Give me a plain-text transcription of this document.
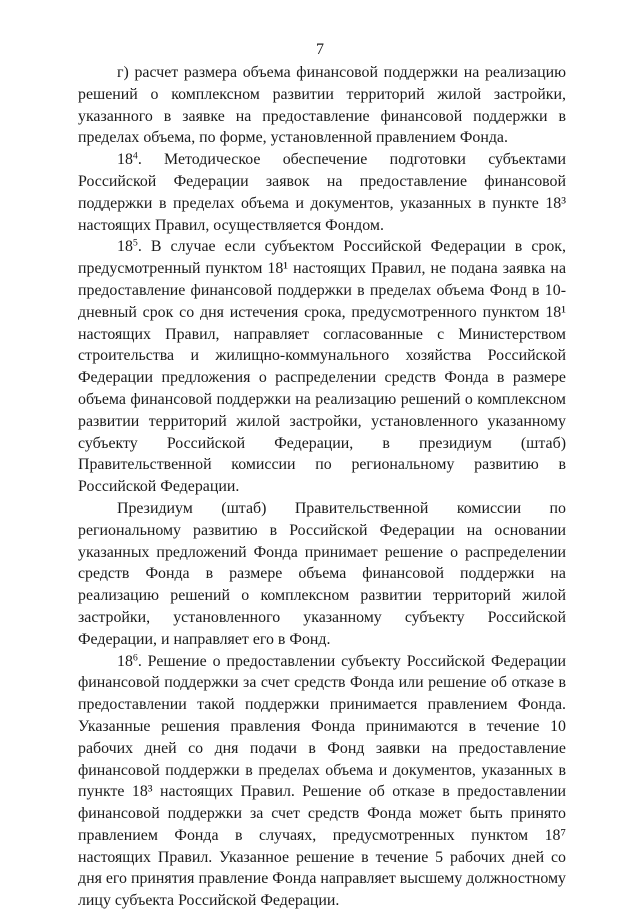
7

г) расчет размера объема финансовой поддержки на реализацию решений о комплексном развитии территорий жилой застройки, указанного в заявке на предоставление финансовой поддержки в пределах объема, по форме, установленной правлением Фонда.

$18^4$. Методическое обеспечение подготовки субъектами Российской Федерации заявок на предоставление финансовой поддержки в пределах объема и документов, указанных в пункте 18³ настоящих Правил, осуществляется Фондом.

$18^5$. В случае если субъектом Российской Федерации в срок, предусмотренный пунктом 18¹ настоящих Правил, не подана заявка на предоставление финансовой поддержки в пределах объема Фонд в 10-дневный срок со дня истечения срока, предусмотренного пунктом 18¹ настоящих Правил, направляет согласованные с Министерством строительства и жилищно-коммунального хозяйства Российской Федерации предложения о распределении средств Фонда в размере объема финансовой поддержки на реализацию решений о комплексном развитии территорий жилой застройки, установленного указанному субъекту Российской Федерации, в президиум (штаб) Правительственной комиссии по региональному развитию в Российской Федерации.

Президиум (штаб) Правительственной комиссии по региональному развитию в Российской Федерации на основании указанных предложений Фонда принимает решение о распределении средств Фонда в размере объема финансовой поддержки на реализацию решений о комплексном развитии территорий жилой застройки, установленного указанному субъекту Российской Федерации, и направляет его в Фонд.

$18^6$. Решение о предоставлении субъекту Российской Федерации финансовой поддержки за счет средств Фонда или решение об отказе в предоставлении такой поддержки принимается правлением Фонда. Указанные решения правления Фонда принимаются в течение 10 рабочих дней со дня подачи в Фонд заявки на предоставление финансовой поддержки в пределах объема и документов, указанных в пункте 18³ настоящих Правил. Решение об отказе в предоставлении финансовой поддержки за счет средств Фонда может быть принято правлением Фонда в случаях, предусмотренных пунктом 18⁷ настоящих Правил. Указанное решение в течение 5 рабочих дней со дня его принятия правление Фонда направляет высшему должностному лицу субъекта Российской Федерации.
